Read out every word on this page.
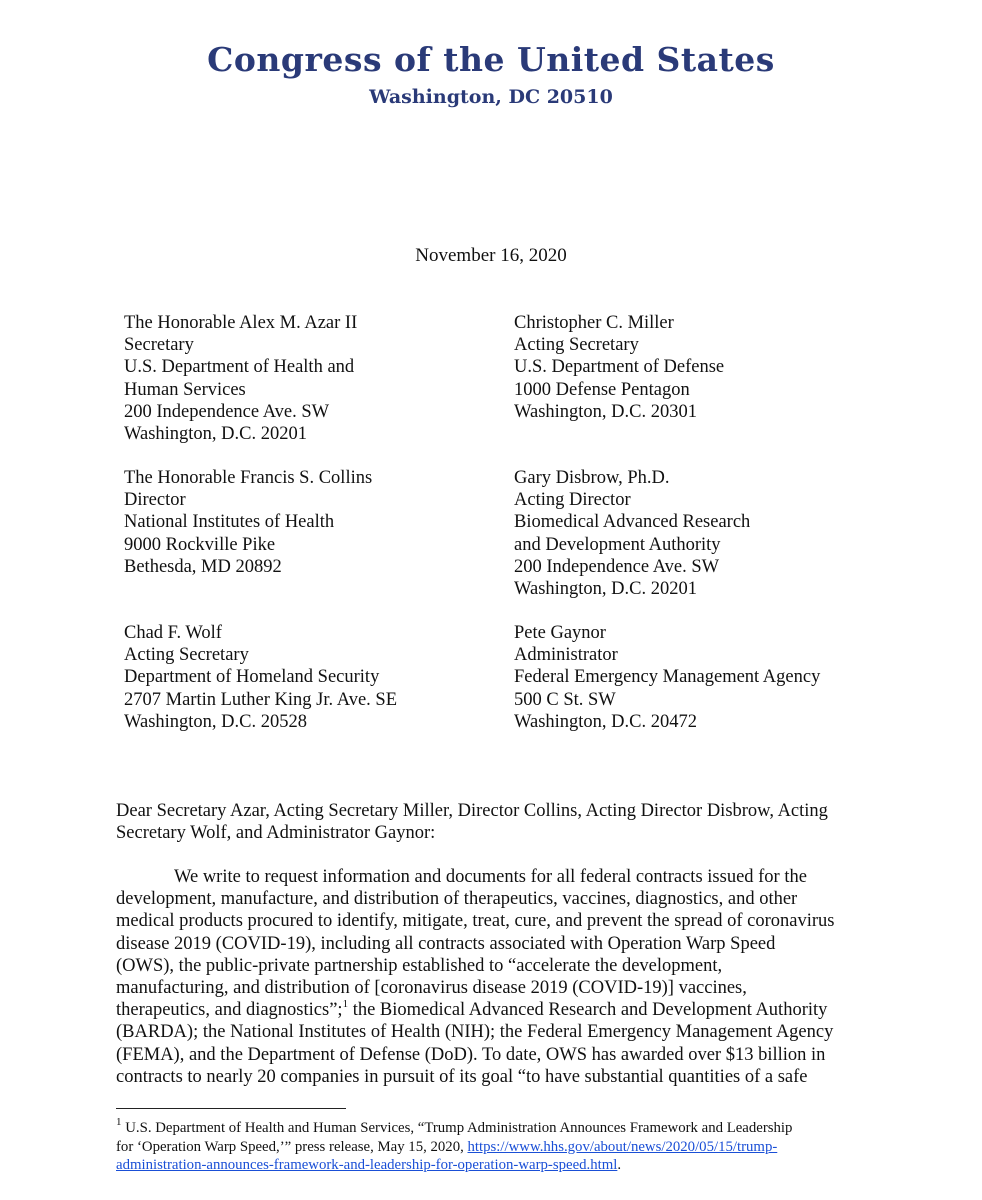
Congress of the United States
Washington, DC 20510
November 16, 2020
The Honorable Alex M. Azar II
Secretary
U.S. Department of Health and
Human Services
200 Independence Ave. SW
Washington, D.C. 20201
Christopher C. Miller
Acting Secretary
U.S. Department of Defense
1000 Defense Pentagon
Washington, D.C. 20301
The Honorable Francis S. Collins
Director
National Institutes of Health
9000 Rockville Pike
Bethesda, MD 20892
Gary Disbrow, Ph.D.
Acting Director
Biomedical Advanced Research
and Development Authority
200 Independence Ave. SW
Washington, D.C. 20201
Chad F. Wolf
Acting Secretary
Department of Homeland Security
2707 Martin Luther King Jr. Ave. SE
Washington, D.C. 20528
Pete Gaynor
Administrator
Federal Emergency Management Agency
500 C St. SW
Washington, D.C. 20472
Dear Secretary Azar, Acting Secretary Miller, Director Collins, Acting Director Disbrow, Acting Secretary Wolf, and Administrator Gaynor:
We write to request information and documents for all federal contracts issued for the
development, manufacture, and distribution of therapeutics, vaccines, diagnostics, and other
medical products procured to identify, mitigate, treat, cure, and prevent the spread of coronavirus
disease 2019 (COVID-19), including all contracts associated with Operation Warp Speed
(OWS), the public-private partnership established to “accelerate the development,
manufacturing, and distribution of [coronavirus disease 2019 (COVID-19)] vaccines,
therapeutics, and diagnostics”;$^1$ the Biomedical Advanced Research and Development Authority
(BARDA); the National Institutes of Health (NIH); the Federal Emergency Management Agency
(FEMA), and the Department of Defense (DoD). To date, OWS has awarded over $13 billion in
contracts to nearly 20 companies in pursuit of its goal “to have substantial quantities of a safe
$^1$ U.S. Department of Health and Human Services, “Trump Administration Announces Framework and Leadership
for ‘Operation Warp Speed,’” press release, May 15, 2020, https://www.hhs.gov/about/news/2020/05/15/trump-
administration-announces-framework-and-leadership-for-operation-warp-speed.html.
